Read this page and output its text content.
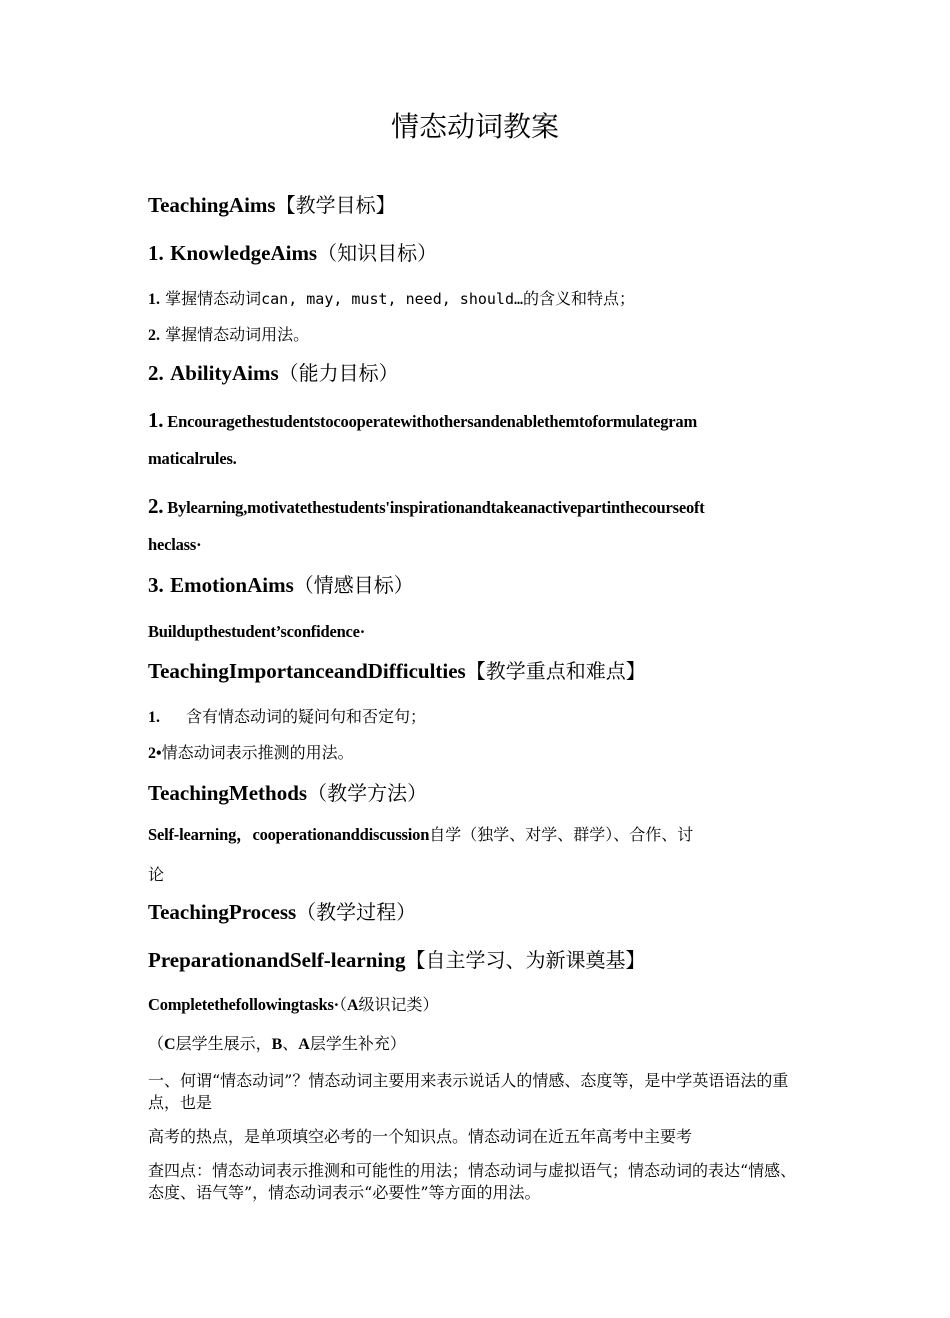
情态动词教案
TeachingAims【教学目标】
1. KnowledgeAims（知识目标）
1. 掌握情态动词can, may, must, need, should…的含义和特点；
2. 掌握情态动词用法。
2. AbilityAims（能力目标）
1. Encouragethestudentstocooperatewithothersandenablethemtoformulategram
maticalrules.
2. Bylearning,motivatethestudents'inspirationandtakeanactivepartinthecourseoft
heclass·
3. EmotionAims（情感目标）
Buildupthestudent’sconfidence·
TeachingImportanceandDifficulties【教学重点和难点】
1. 含有情态动词的疑问句和否定句；
2•情态动词表示推测的用法。
TeachingMethods（教学方法）
Self-learning，cooperationanddiscussion自学（独学、对学、群学）、合作、讨
论
TeachingProcess（教学过程）
PreparationandSelf-learning【自主学习、为新课奠基】
Completethefollowingtasks·（A级识记类）
（C层学生展示，B、A层学生补充）

一、何谓“情态动词”？情态动词主要用来表示说话人的情感、态度等，是中学英语语法的重点，也是

高考的热点，是单项填空必考的一个知识点。情态动词在近五年高考中主要考

查四点：情态动词表示推测和可能性的用法；情态动词与虚拟语气；情态动词的表达“情感、态度、语气等”，情态动词表示“必要性”等方面的用法。
